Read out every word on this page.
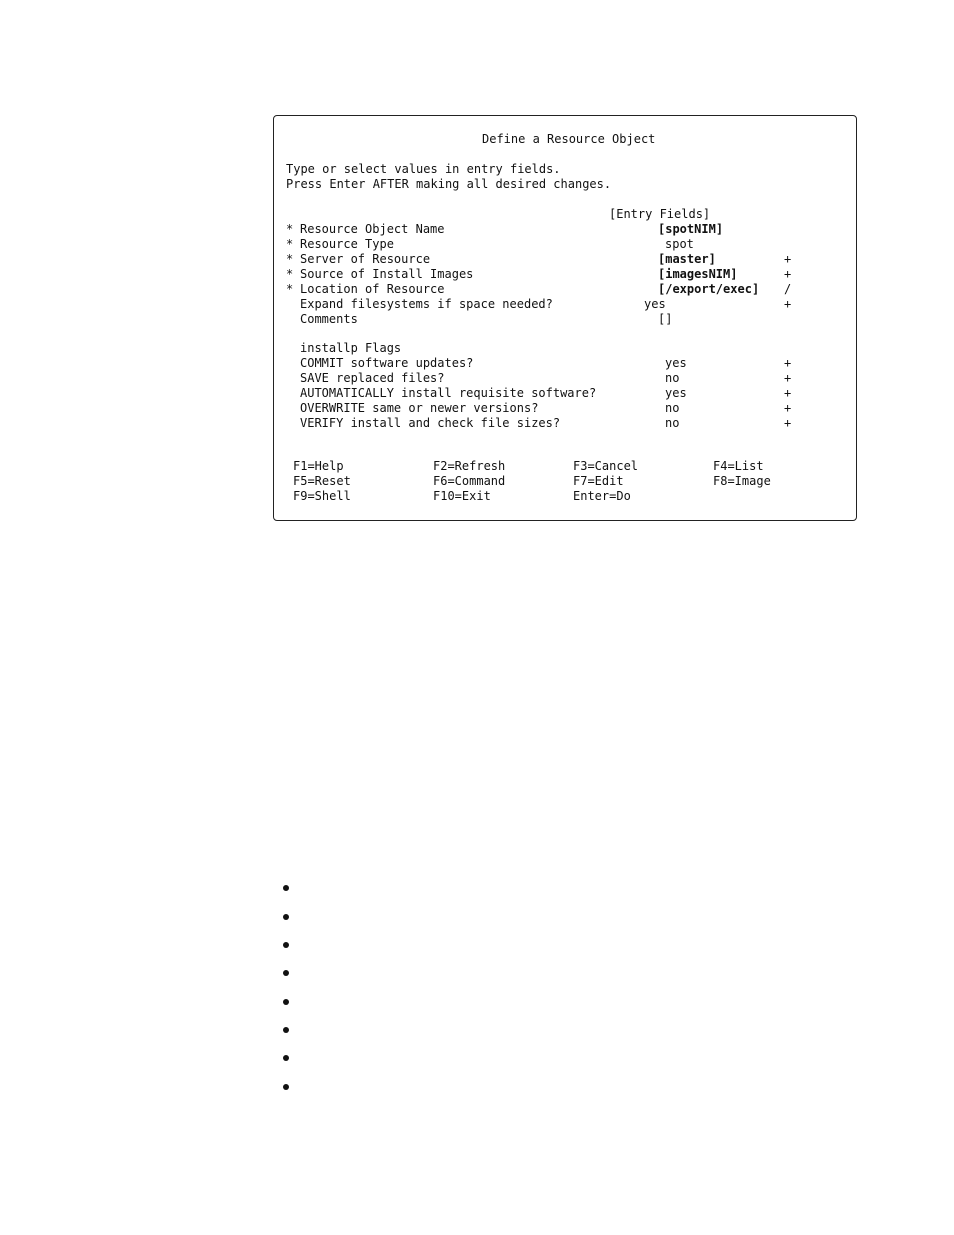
Define a Resource Object
Type or select values in entry fields.
Press Enter AFTER making all desired changes.
[Entry Fields]
* Resource Object Name	[spotNIM]
* Resource Type	spot
* Server of Resource	[master]	+
* Source of Install Images	[imagesNIM]	+
* Location of Resource	[/export/exec] /
Expand filesystems if space needed?	yes	+
Comments	[]
installp Flags
COMMIT software updates?	yes	+
SAVE replaced files?	no	+
AUTOMATICALLY install requisite software?	yes	+
OVERWRITE same or newer versions?	no	+
VERIFY install and check file sizes?	no	+
F1=Help	F2=Refresh	F3=Cancel	F4=List
F5=Reset	F6=Command	F7=Edit	F8=Image
F9=Shell	F10=Exit	Enter=Do
